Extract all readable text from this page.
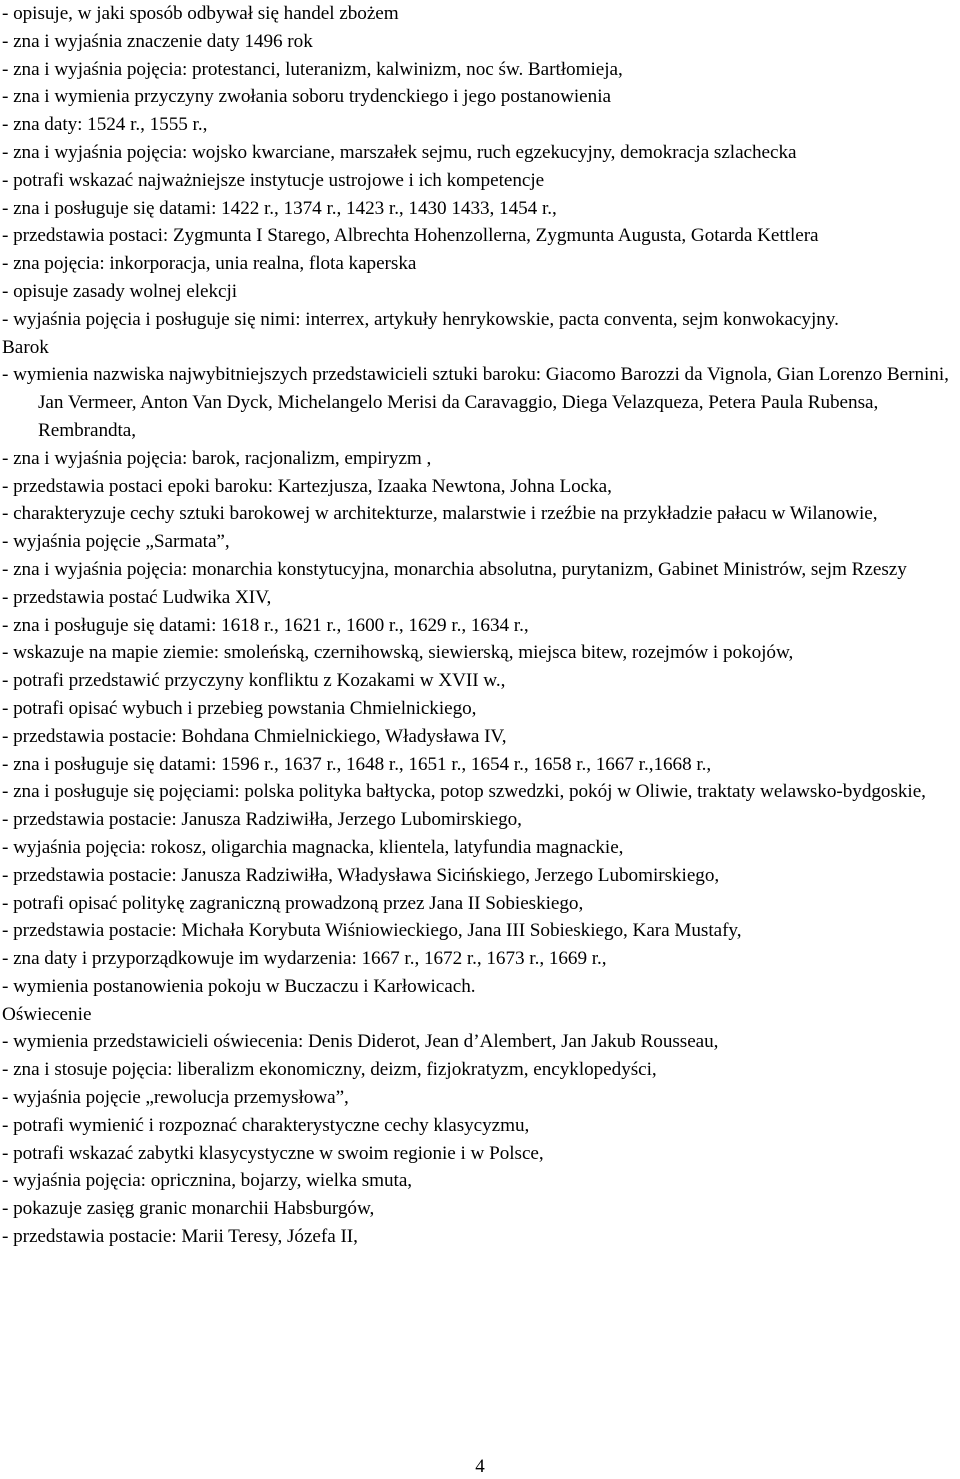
- opisuje, w jaki sposób odbywał się handel zbożem

- zna i wyjaśnia znaczenie daty 1496 rok

- zna i wyjaśnia pojęcia: protestanci, luteranizm, kalwinizm, noc św. Bartłomieja,

- zna i wymienia przyczyny zwołania soboru trydenckiego i jego postanowienia

- zna daty: 1524 r., 1555 r.,

- zna i wyjaśnia pojęcia: wojsko kwarciane, marszałek sejmu, ruch egzekucyjny, demokracja szlachecka

- potrafi wskazać najważniejsze instytucje ustrojowe i ich kompetencje

- zna i posługuje się datami: 1422 r., 1374 r., 1423 r., 1430 1433, 1454 r.,

- przedstawia postaci: Zygmunta I Starego, Albrechta Hohenzollerna, Zygmunta Augusta, Gotarda Kettlera

- zna pojęcia: inkorporacja, unia realna, flota kaperska

- opisuje zasady wolnej elekcji

- wyjaśnia pojęcia i posługuje się nimi: interrex, artykuły henrykowskie, pacta conventa, sejm konwokacyjny.

Barok

- wymienia nazwiska najwybitniejszych przedstawicieli sztuki baroku: Giacomo Barozzi da Vignola, Gian Lorenzo Bernini, Jan Vermeer, Anton Van Dyck, Michelangelo Merisi da Caravaggio, Diega Velazqueza, Petera Paula Rubensa, Rembrandta,

- zna i wyjaśnia pojęcia: barok, racjonalizm, empiryzm ,

- przedstawia postaci epoki baroku: Kartezjusza, Izaaka Newtona, Johna Locka,

- charakteryzuje cechy sztuki barokowej w architekturze, malarstwie i rzeźbie na przykładzie pałacu w Wilanowie,

- wyjaśnia pojęcie „Sarmata”,

- zna i wyjaśnia pojęcia: monarchia konstytucyjna, monarchia absolutna, purytanizm, Gabinet Ministrów, sejm Rzeszy

- przedstawia postać Ludwika XIV,

- zna i posługuje się datami: 1618 r., 1621 r., 1600 r., 1629 r., 1634 r.,

- wskazuje na mapie ziemie: smoleńską, czernihowską, siewierską, miejsca bitew, rozejmów i pokojów,

- potrafi przedstawić przyczyny konfliktu z Kozakami w XVII w.,

- potrafi opisać wybuch i przebieg powstania Chmielnickiego,

- przedstawia postacie: Bohdana Chmielnickiego, Władysława IV,

- zna i posługuje się datami: 1596 r., 1637 r., 1648 r., 1651 r., 1654 r., 1658 r., 1667 r.,1668 r.,

- zna i posługuje się pojęciami: polska polityka bałtycka, potop szwedzki, pokój w Oliwie, traktaty welawsko-bydgoskie,

- przedstawia postacie: Janusza Radziwiłła, Jerzego Lubomirskiego,

- wyjaśnia pojęcia: rokosz, oligarchia magnacka, klientela, latyfundia magnackie,

- przedstawia postacie: Janusza Radziwiłła, Władysława Sicińskiego, Jerzego Lubomirskiego,

- potrafi opisać politykę zagraniczną prowadzoną przez Jana II Sobieskiego,

- przedstawia postacie: Michała Korybuta Wiśniowieckiego, Jana III Sobieskiego, Kara Mustafy,

- zna daty i przyporządkowuje im wydarzenia: 1667 r., 1672 r., 1673 r., 1669 r.,

- wymienia postanowienia pokoju w Buczaczu i Karłowicach.

Oświecenie

- wymienia przedstawicieli oświecenia: Denis Diderot, Jean d’Alembert, Jan Jakub Rousseau,

- zna i stosuje pojęcia: liberalizm ekonomiczny, deizm, fizjokratyzm, encyklopedyści,

- wyjaśnia pojęcie „rewolucja przemysłowa”,

- potrafi wymienić i rozpoznać charakterystyczne cechy klasycyzmu,

- potrafi wskazać zabytki klasycystyczne w swoim regionie i w Polsce,

- wyjaśnia pojęcia: opricznina, bojarzy, wielka smuta,

- pokazuje zasięg granic monarchii Habsburgów,

- przedstawia postacie: Marii Teresy, Józefa II,

4
